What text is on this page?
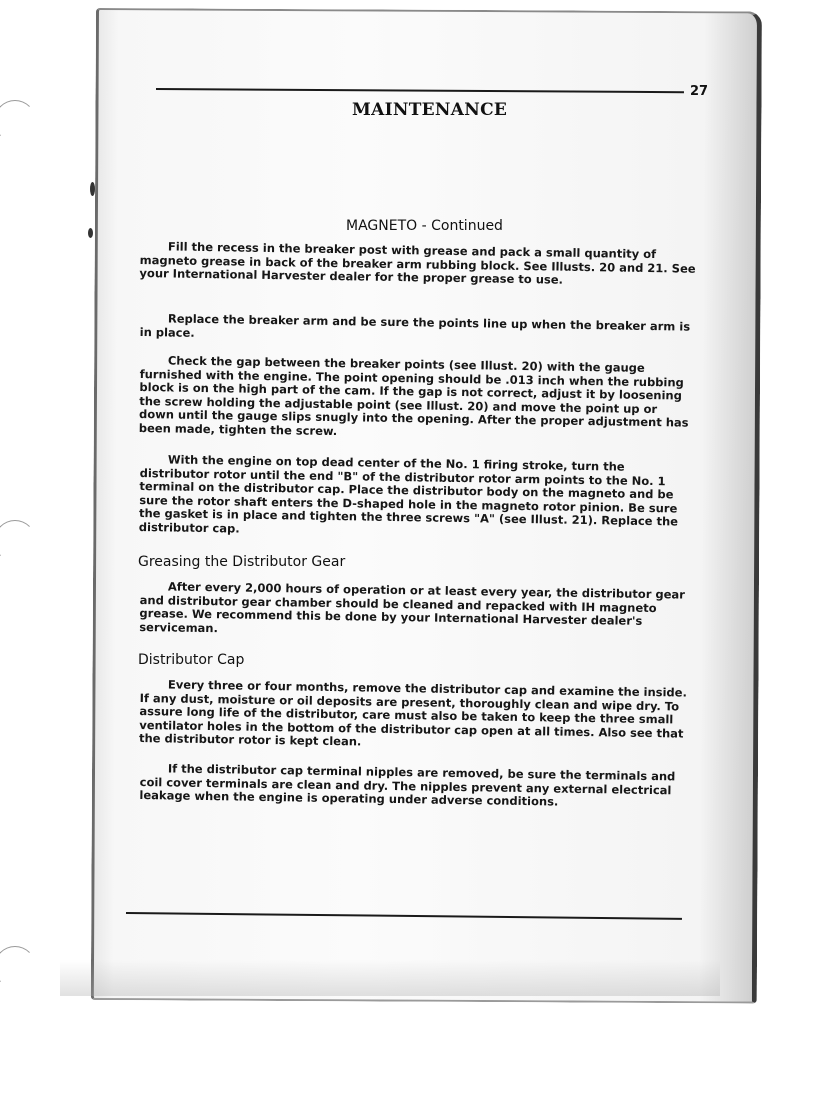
27
MAINTENANCE
MAGNETO - Continued

Fill the recess in the breaker post with grease and pack a small quantity of magneto grease in back of the breaker arm rubbing block. See Illusts. 20 and 21. See your International Harvester dealer for the proper grease to use.

Replace the breaker arm and be sure the points line up when the breaker arm is in place.

Check the gap between the breaker points (see Illust. 20) with the gauge furnished with the engine. The point opening should be .013 inch when the rubbing block is on the high part of the cam. If the gap is not correct, adjust it by loosening the screw holding the adjustable point (see Illust. 20) and move the point up or down until the gauge slips snugly into the opening. After the proper adjustment has been made, tighten the screw.

With the engine on top dead center of the No. 1 firing stroke, turn the distributor rotor until the end "B" of the distributor rotor arm points to the No. 1 terminal on the distributor cap. Place the distributor body on the magneto and be sure the rotor shaft enters the D-shaped hole in the magneto rotor pinion. Be sure the gasket is in place and tighten the three screws "A" (see Illust. 21). Replace the distributor cap.

Greasing the Distributor Gear

After every 2,000 hours of operation or at least every year, the distributor gear and distributor gear chamber should be cleaned and repacked with IH magneto grease. We recommend this be done by your International Harvester dealer's serviceman.

Distributor Cap

Every three or four months, remove the distributor cap and examine the inside. If any dust, moisture or oil deposits are present, thoroughly clean and wipe dry. To assure long life of the distributor, care must also be taken to keep the three small ventilator holes in the bottom of the distributor cap open at all times. Also see that the distributor rotor is kept clean.

If the distributor cap terminal nipples are removed, be sure the terminals and coil cover terminals are clean and dry. The nipples prevent any external electrical leakage when the engine is operating under adverse conditions.
